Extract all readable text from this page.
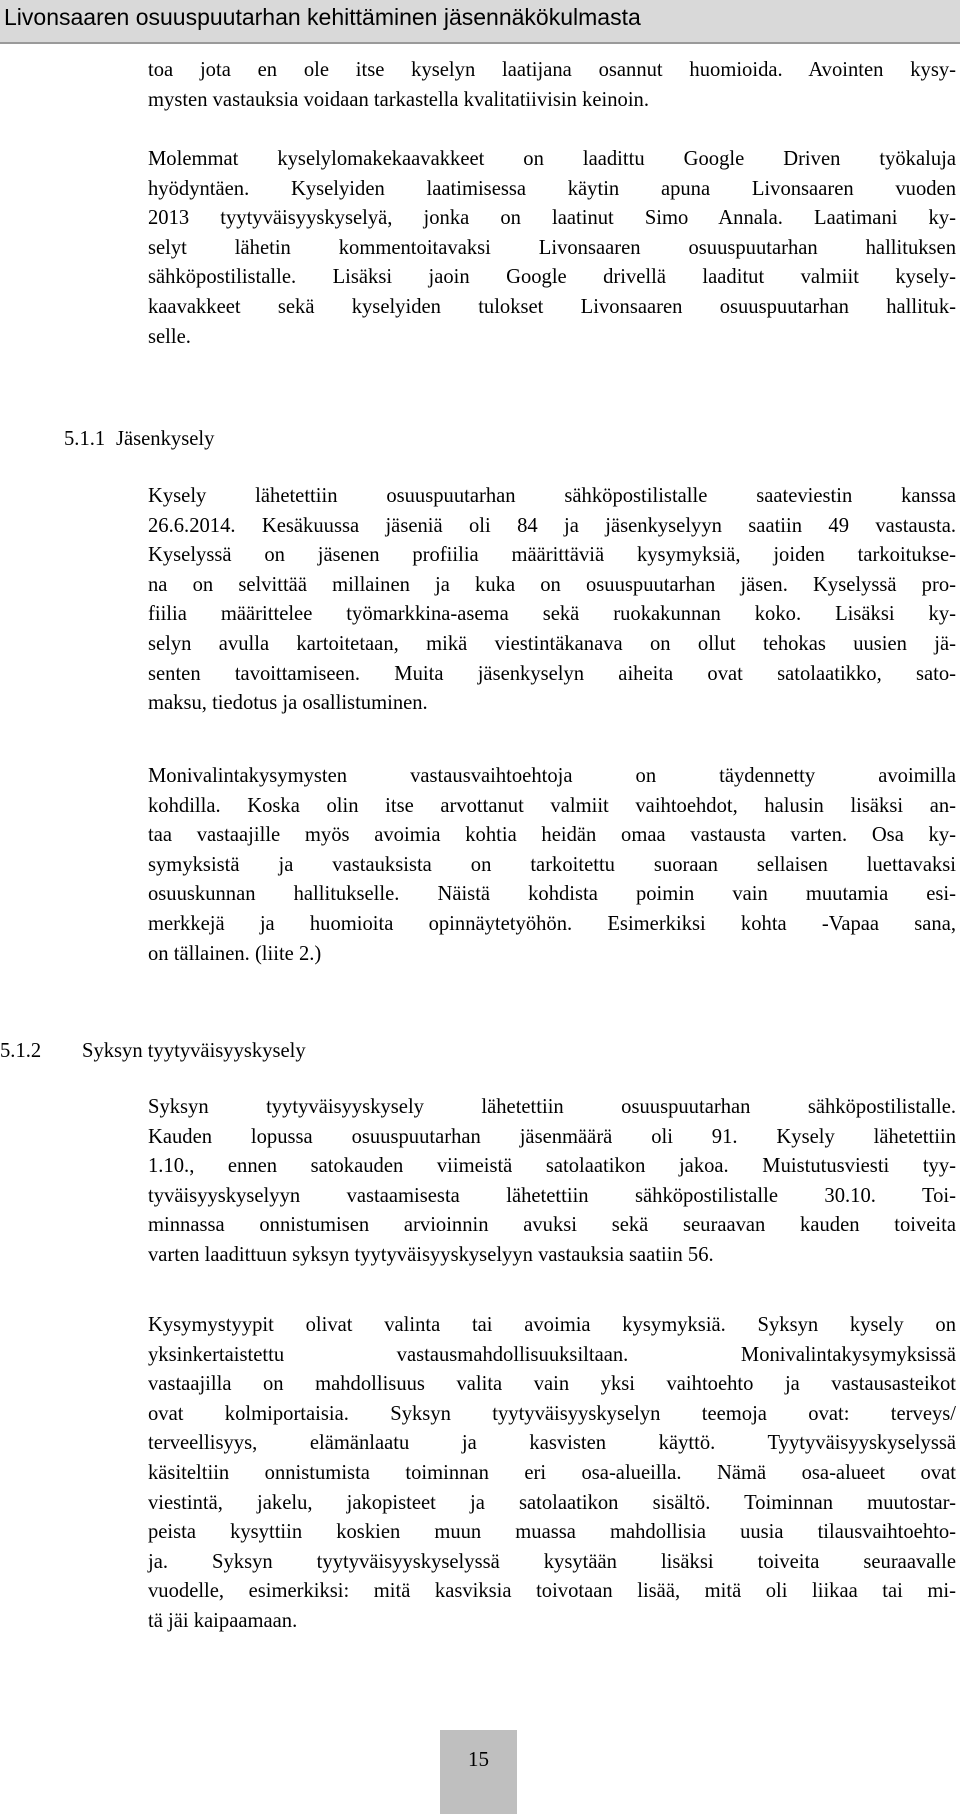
Livonsaaren osuuspuutarhan kehittäminen jäsennäkökulmasta
toa jota en ole itse kyselyn laatijana osannut huomioida. Avointen kysy-
mysten vastauksia voidaan tarkastella kvalitatiivisin keinoin.
Molemmat kyselylomakekaavakkeet on laadittu Google Driven työkaluja
hyödyntäen. Kyselyiden laatimisessa käytin apuna Livonsaaren vuoden
2013 tyytyväisyyskyselyä, jonka on laatinut Simo Annala. Laatimani ky-
selyt lähetin kommentoitavaksi Livonsaaren osuuspuutarhan hallituksen
sähköpostilistalle. Lisäksi jaoin Google drivellä laaditut valmiit kysely-
kaavakkeet sekä kyselyiden tulokset Livonsaaren osuuspuutarhan hallituk-
selle.
5.1.1 Jäsenkysely
Kysely lähetettiin osuuspuutarhan sähköpostilistalle saateviestin kanssa
26.6.2014. Kesäkuussa jäseniä oli 84 ja jäsenkyselyyn saatiin 49 vastausta.
Kyselyssä on jäsenen profiilia määrittäviä kysymyksiä, joiden tarkoitukse-
na on selvittää millainen ja kuka on osuuspuutarhan jäsen. Kyselyssä pro-
fiilia määrittelee työmarkkina-asema sekä ruokakunnan koko. Lisäksi ky-
selyn avulla kartoitetaan, mikä viestintäkanava on ollut tehokas uusien jä-
senten tavoittamiseen. Muita jäsenkyselyn aiheita ovat satolaatikko, sato-
maksu, tiedotus ja osallistuminen.
Monivalintakysymysten vastausvaihtoehtoja on täydennetty avoimilla
kohdilla. Koska olin itse arvottanut valmiit vaihtoehdot, halusin lisäksi an-
taa vastaajille myös avoimia kohtia heidän omaa vastausta varten. Osa ky-
symyksistä ja vastauksista on tarkoitettu suoraan sellaisen luettavaksi
osuuskunnan hallitukselle. Näistä kohdista poimin vain muutamia esi-
merkkejä ja huomioita opinnäytetyöhön. Esimerkiksi kohta -Vapaa sana,
on tällainen. (liite 2.)
5.1.2 Syksyn tyytyväisyyskysely
Syksyn tyytyväisyyskysely lähetettiin osuuspuutarhan sähköpostilistalle.
Kauden lopussa osuuspuutarhan jäsenmäärä oli 91. Kysely lähetettiin
1.10., ennen satokauden viimeistä satolaatikon jakoa. Muistutusviesti tyy-
tyväisyyskyselyyn vastaamisesta lähetettiin sähköpostilistalle 30.10. Toi-
minnassa onnistumisen arvioinnin avuksi sekä seuraavan kauden toiveita
varten laadittuun syksyn tyytyväisyyskyselyyn vastauksia saatiin 56.
Kysymystyypit olivat valinta tai avoimia kysymyksiä. Syksyn kysely on
yksinkertaistettu vastausmahdollisuuksiltaan. Monivalintakysymyksissä
vastaajilla on mahdollisuus valita vain yksi vaihtoehto ja vastausasteikot
ovat kolmiportaisia. Syksyn tyytyväisyyskyselyn teemoja ovat: terveys/
terveellisyys, elämänlaatu ja kasvisten käyttö. Tyytyväisyyskyselyssä
käsiteltiin onnistumista toiminnan eri osa-alueilla. Nämä osa-alueet ovat
viestintä, jakelu, jakopisteet ja satolaatikon sisältö. Toiminnan muutostar-
peista kysyttiin koskien muun muassa mahdollisia uusia tilausvaihtoehto-
ja. Syksyn tyytyväisyyskyselyssä kysytään lisäksi toiveita seuraavalle
vuodelle, esimerkiksi: mitä kasviksia toivotaan lisää, mitä oli liikaa tai mi-
tä jäi kaipaamaan.
15
